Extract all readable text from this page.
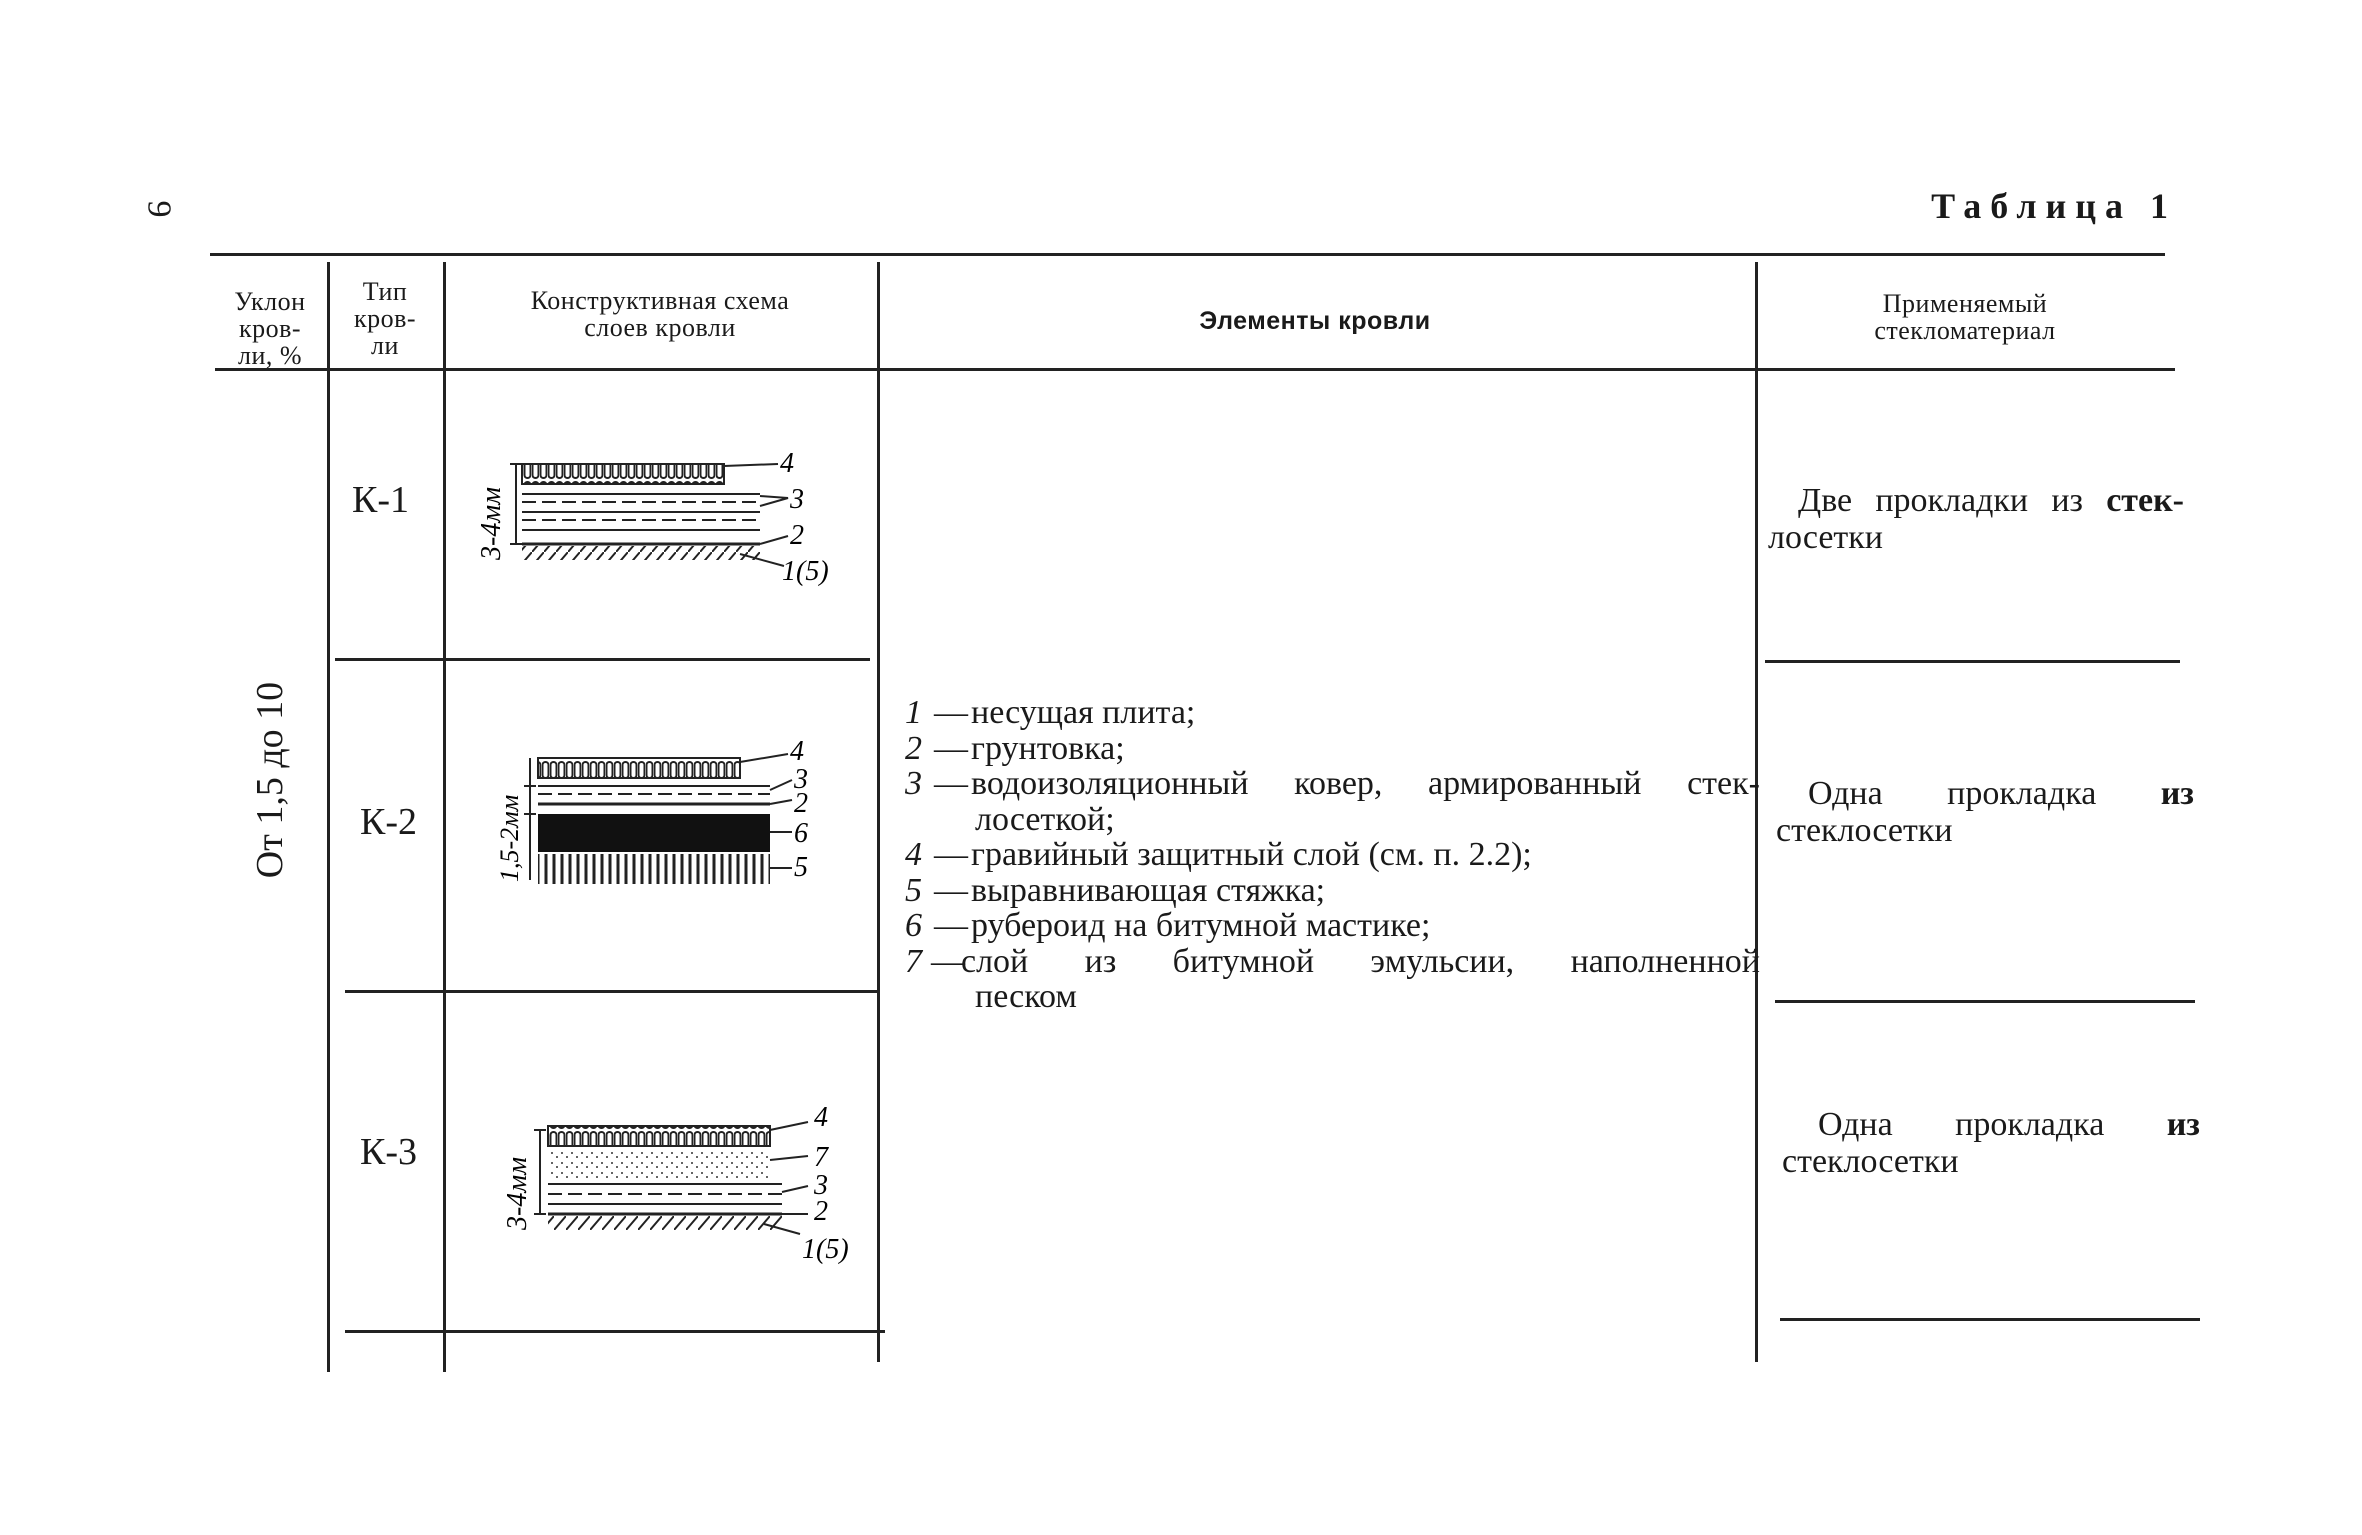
9	Таблица 1
Уклон
кров-
ли, %
Тип
кров-
ли
Конструктивная схема
слоев кровли	Элементы кровли
Применяемый
стекломатериал
От 1,5 до 10
К-1
К-2
К-3
3-4мм
4
3
2
1(5)
1,5-2мм
4
3
2
6
5
3-4мм
4
7
3
2
1(5)
1 — несущая плита;
2 — грунтовка;
3 — водоизоляционный ковер, армированный стек-
лосеткой;
4 — гравийный защитный слой (см. п. 2.2);
5 — выравнивающая стяжка;
6 — рубероид на битумной мастике;
7 —
слой из битумной эмульсии, наполненной
песком
Две прокладки из стек-
лосетки
Одна прокладка из
стеклосетки
Одна прокладка из
стеклосетки
